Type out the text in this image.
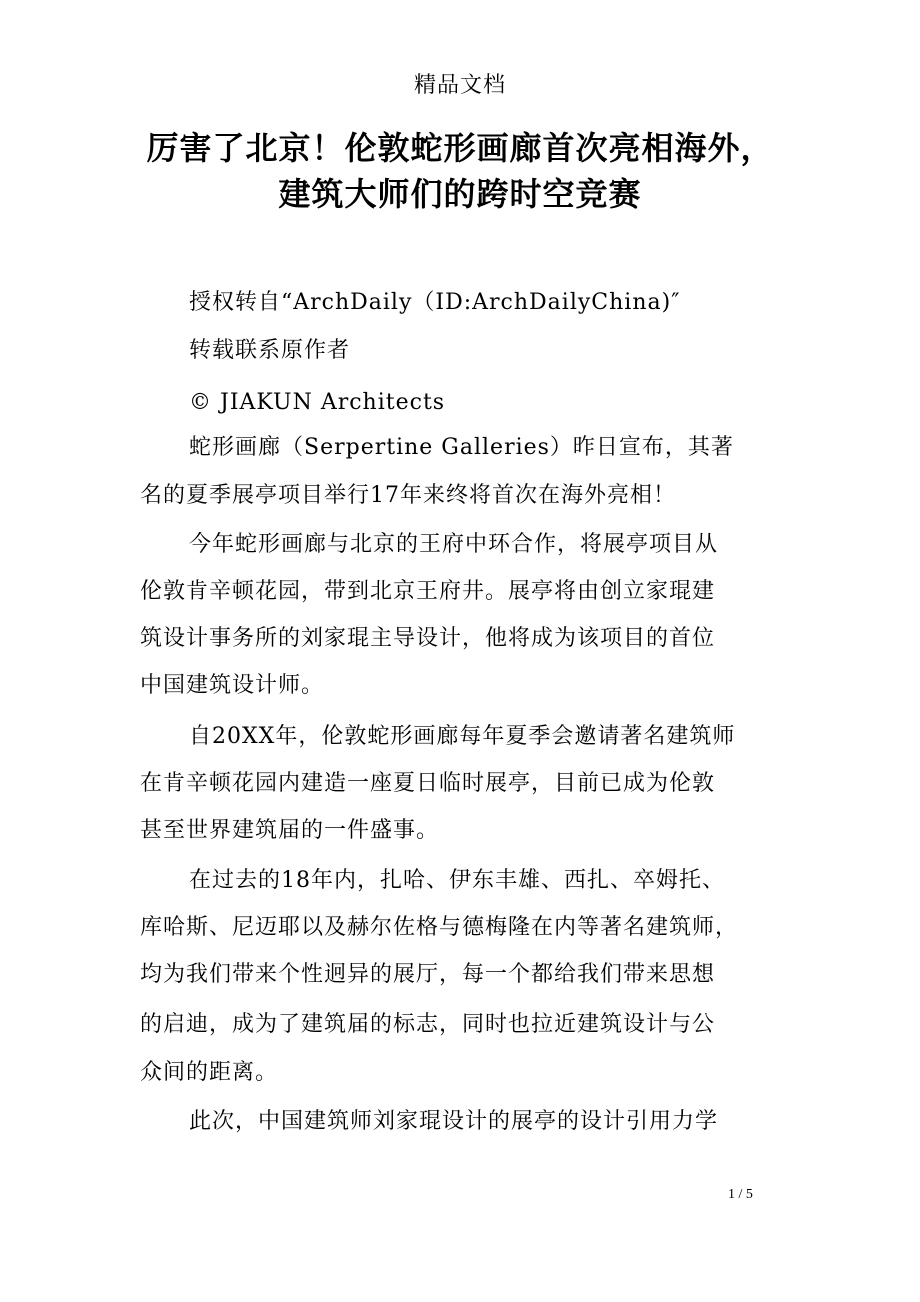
精品文档
厉害了北京！伦敦蛇形画廊首次亮相海外，
建筑大师们的跨时空竞赛
授权转自“ArchDaily（ID:ArchDailyChina)″
转载联系原作者
© JIAKUN Architects
蛇形画廊（Serpertine Galleries）昨日宣布，其著
名的夏季展亭项目举行17年来终将首次在海外亮相！
今年蛇形画廊与北京的王府中环合作，将展亭项目从
伦敦肯辛顿花园，带到北京王府井。展亭将由创立家琨建
筑设计事务所的刘家琨主导设计，他将成为该项目的首位
中国建筑设计师。
自20XX年，伦敦蛇形画廊每年夏季会邀请著名建筑师
在肯辛顿花园内建造一座夏日临时展亭，目前已成为伦敦
甚至世界建筑届的一件盛事。
在过去的18年内，扎哈、伊东丰雄、西扎、卒姆托、
库哈斯、尼迈耶以及赫尔佐格与德梅隆在内等著名建筑师，
均为我们带来个性迥异的展厅，每一个都给我们带来思想
的启迪，成为了建筑届的标志，同时也拉近建筑设计与公
众间的距离。
此次，中国建筑师刘家琨设计的展亭的设计引用力学
1 / 5
